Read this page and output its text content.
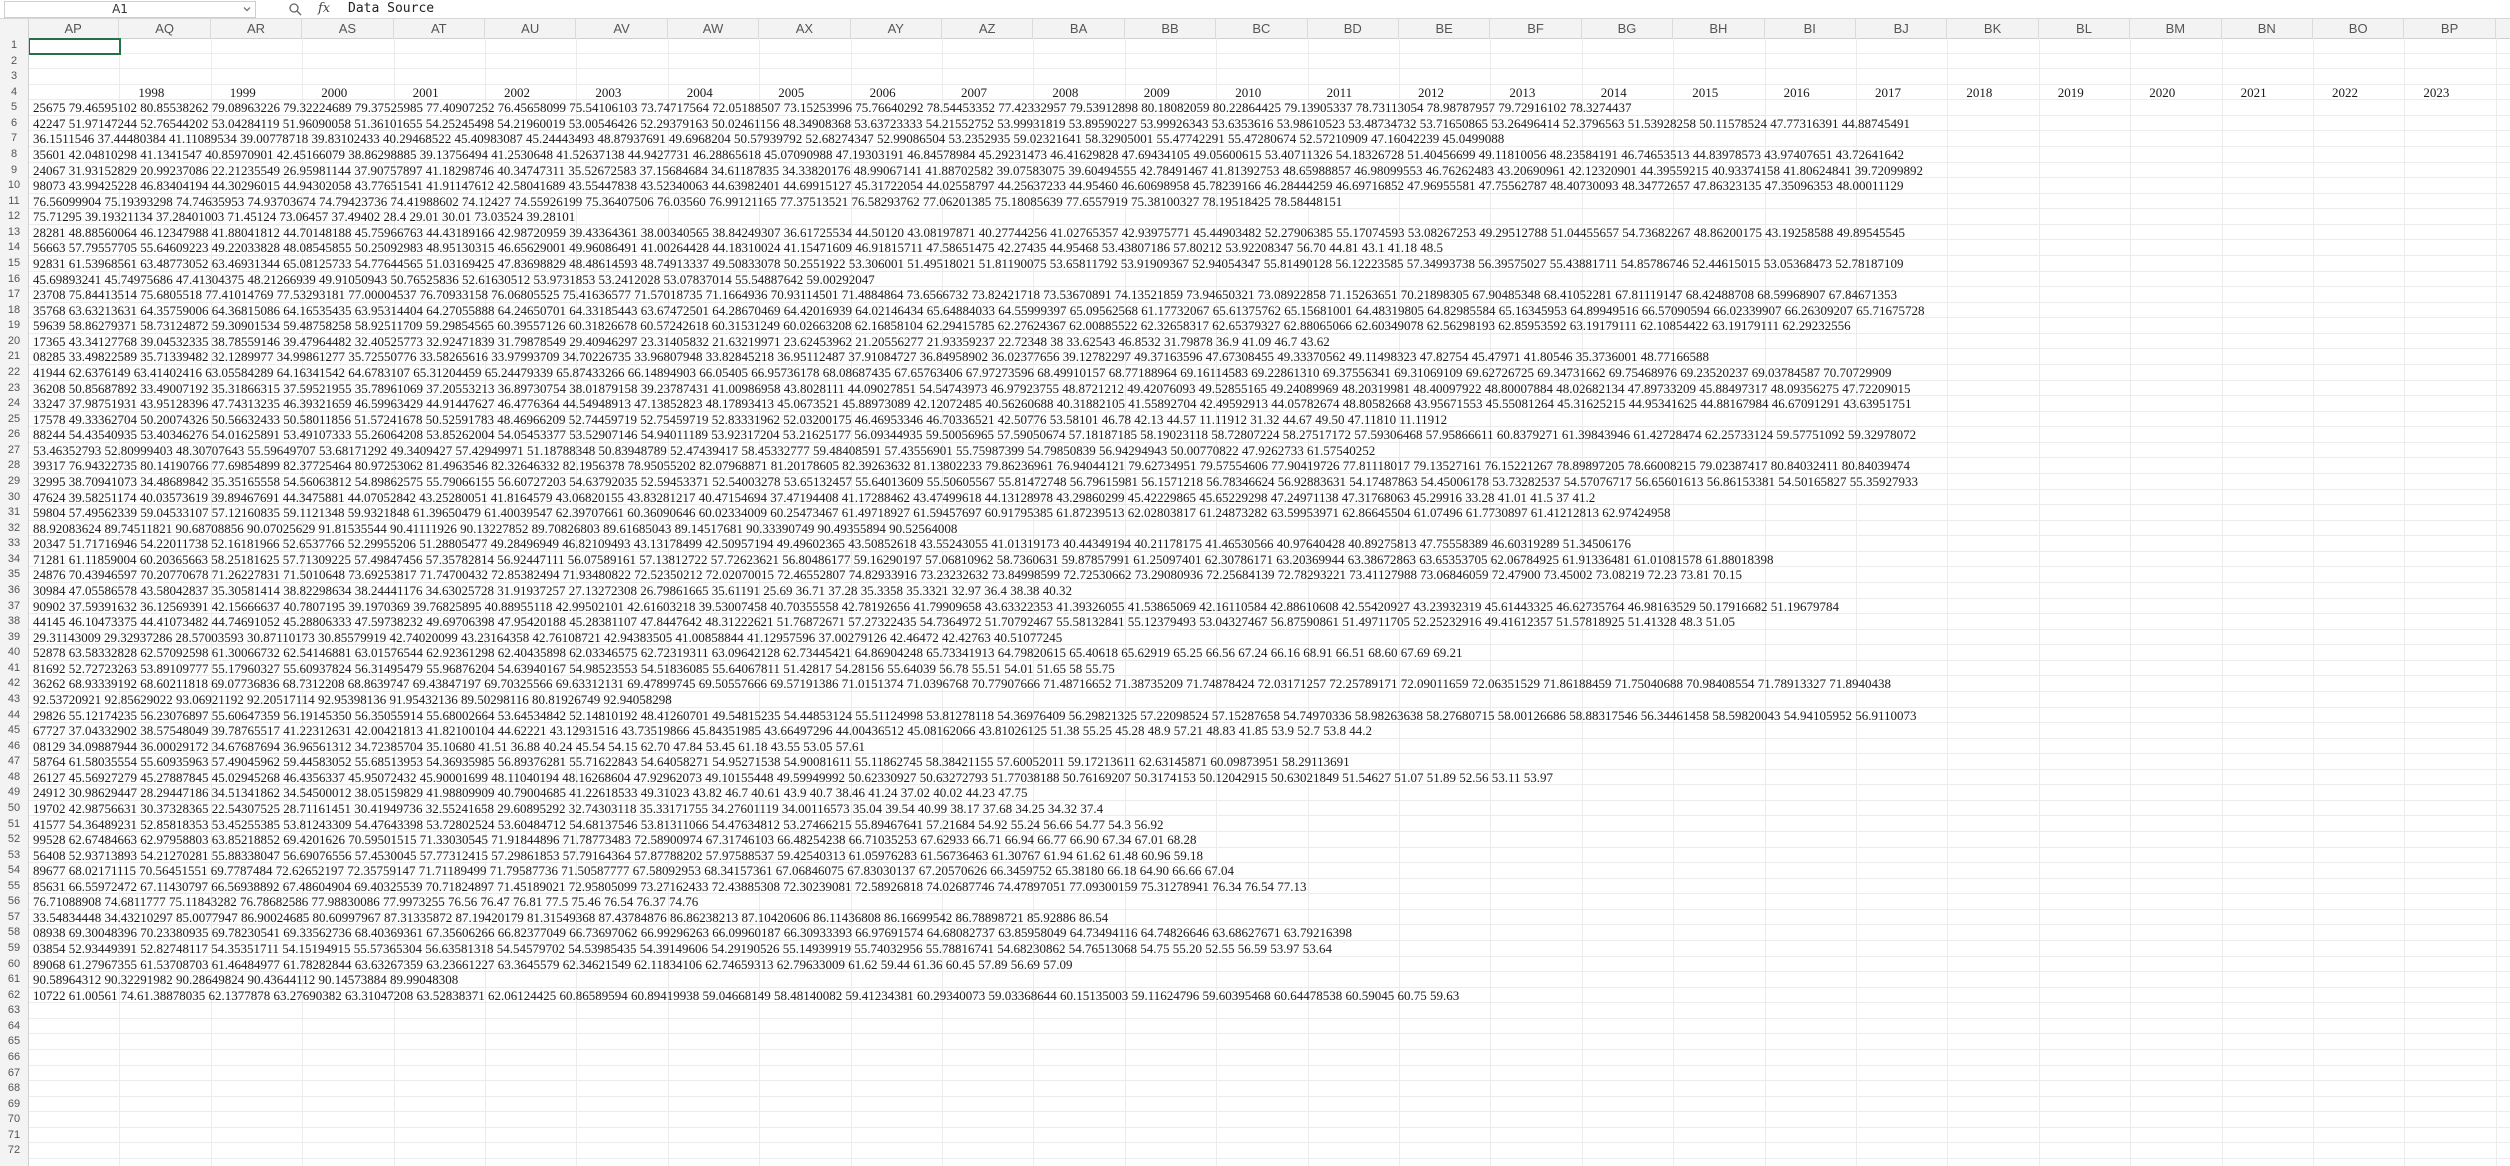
A1	fx Data Source
AP	AQ	AR	AS	AT	AU	AV	AW	AX	AY	AZ	BA	BB	BC	BD	BE	BF	BG	BH	BI	BJ	BK	BL	BM	BN	BO	BP
1
2
3
4
5
6
7
8
9
10
11
12
13
14
15
16
17
18
19
20
21
22
23
24
25
26
27
28
29
30
31
32
33
34
35
36
37
38
39
40
41
42
43
44
45
46
47
48
49
50
51
52
53
54
55
56
57
58
59
60
61
62
63
64
65
66
67
68
69
70
71
72
1998	1999	2000	2001	2002	2003	2004	2005	2006	2007	2008	2009	2010	2011	2012	2013	2014	2015	2016	2017	2018	2019	2020	2021	2022	2023
25675 79.46595102 80.85538262 79.08963226 79.32224689 79.37525985 77.40907252 76.45658099 75.54106103 73.74717564 72.05188507 73.15253996 75.76640292 78.54453352 77.42332957 79.53912898 80.18082059 80.22864425 79.13905337 78.73113054 78.98787957 79.72916102 78.3274437
42247 51.97147244 52.76544202 53.04284119 51.96090058 51.36101655 54.25245498 54.21960019 53.00546426 52.29379163 50.02461156 48.34908368 53.63723333 54.21552752 53.99931819 53.89590227 53.99926343 53.6353616 53.98610523 53.48734732 53.71650865 53.26496414 52.3796563 51.53928258 50.11578524 47.77316391 44.88745491
36.1511546 37.44480384 41.11089534 39.00778718 39.83102433 40.29468522 45.40983087 45.24443493 48.87937691 49.6968204 50.57939792 52.68274347 52.99086504 53.2352935 59.02321641 58.32905001 55.47742291 55.47280674 52.57210909 47.16042239 45.0499088
35601 42.04810298 41.1341547 40.85970901 42.45166079 38.86298885 39.13756494 41.2530648 41.52637138 44.9427731 46.28865618 45.07090988 47.19303191 46.84578984 45.29231473 46.41629828 47.69434105 49.05600615 53.40711326 54.18326728 51.40456699 49.11810056 48.23584191 46.74653513 44.83978573 43.97407651 43.72641642
24067 31.93152829 20.99237086 22.21235549 26.95981144 37.90757897 41.18298746 40.34747311 35.52672583 37.15684684 34.61187835 34.33820176 48.99067141 41.88702582 39.07583075 39.60494555 42.78491467 41.81392753 48.65988857 46.98099553 46.76262483 43.20690961 42.12320901 44.39559215 40.93374158 41.80624841 39.72099892
98073 43.99425228 46.83404194 44.30296015 44.94302058 43.77651541 41.91147612 42.58041689 43.55447838 43.52340063 44.63982401 44.69915127 45.31722054 44.02558797 44.25637233 44.95460 46.60698958 45.78239166 46.28444259 46.69716852 47.96955581 47.75562787 48.40730093 48.34772657 47.86323135 47.35096353 48.00011129
76.56099904 75.19393298 74.74635953 74.93703674 74.79423736 74.41988602 74.12427 74.55926199 75.36407506 76.03560 76.99121165 77.37513521 76.58293762 77.06201385 75.18085639 77.6557919 75.38100327 78.19518425 78.58448151
75.71295 39.19321134 37.28401003 71.45124 73.06457 37.49402 28.4 29.01 30.01 73.03524 39.28101
28281 48.88560064 46.12347988 41.88041812 44.70148188 45.75966763 44.43189166 42.98720959 39.43364361 38.00340565 38.84249307 36.61725534 44.50120 43.08197871 40.27744256 41.02765357 42.93975771 45.44903482 52.27906385 55.17074593 53.08267253 49.29512788 51.04455657 54.73682267 48.86200175 43.19258588 49.89545545
56663 57.79557705 55.64609223 49.22033828 48.08545855 50.25092983 48.95130315 46.65629001 49.96086491 41.00264428 44.18310024 41.15471609 46.91815711 47.58651475 42.27435 44.95468 53.43807186 57.80212 53.92208347 56.70 44.81 43.1 41.18 48.5
92831 61.53968561 63.48773052 63.46931344 65.08125733 54.77644565 51.03169425 47.83698829 48.48614593 48.74913337 49.50833078 50.2551922 53.306001 51.49518021 51.81190075 53.65811792 53.91909367 52.94054347 55.81490128 56.12223585 57.34993738 56.39575027 55.43881711 54.85786746 52.44615015 53.05368473 52.78187109
45.69893241 45.74975686 47.41304375 48.21266939 49.91050943 50.76525836 52.61630512 53.9731853 53.2412028 53.07837014 55.54887642 59.00292047
23708 75.84413514 75.6805518 77.41014769 77.53293181 77.00004537 76.70933158 76.06805525 75.41636577 71.57018735 71.1664936 70.93114501 71.4884864 73.6566732 73.82421718 73.53670891 74.13521859 73.94650321 73.08922858 71.15263651 70.21898305 67.90485348 68.41052281 67.81119147 68.42488708 68.59968907 67.84671353
35768 63.63213631 64.35759006 64.36815086 64.16535435 63.95314404 64.27055888 64.24650701 64.33185443 63.67472501 64.28670469 64.42016939 64.02146434 65.64884033 64.55999397 65.09562568 61.17732067 65.61375762 65.15681001 64.48319805 64.82985584 65.16345953 64.89949516 66.57090594 66.02339907 66.26309207 65.71675728
59639 58.86279371 58.73124872 59.30901534 59.48758258 58.92511709 59.29854565 60.39557126 60.31826678 60.57242618 60.31531249 60.02663208 62.16858104 62.29415785 62.27624367 62.00885522 62.32658317 62.65379327 62.88065066 62.60349078 62.56298193 62.85953592 63.19179111 62.10854422 63.19179111 62.29232556
17365 43.34127768 39.04532335 38.78559146 39.47964482 32.40525773 32.92471839 31.79878549 29.40946297 23.31405832 21.63219971 23.62453962 21.20556277 21.93359237 22.72348 38 33.62543 46.8532 31.79878 36.9 41.09 46.7 43.62
08285 33.49822589 35.71339482 32.1289977 34.99861277 35.72550776 33.58265616 33.97993709 34.70226735 33.96807948 33.82845218 36.95112487 37.91084727 36.84958902 36.02377656 39.12782297 49.37163596 47.67308455 49.33370562 49.11498323 47.82754 45.47971 41.80546 35.3736001 48.77166588
41944 62.6376149 63.41402416 63.05584289 64.16341542 64.6783107 65.31204459 65.24479339 65.87433266 66.14894903 66.05405 66.95736178 68.08687435 67.65763406 67.97273596 68.49910157 68.77188964 69.16114583 69.22861310 69.37556341 69.31069109 69.62726725 69.34731662 69.75468976 69.23520237 69.03784587 70.70729909
36208 50.85687892 33.49007192 35.31866315 37.59521955 35.78961069 37.20553213 36.89730754 38.01879158 39.23787431 41.00986958 43.8028111 44.09027851 54.54743973 46.97923755 48.8721212 49.42076093 49.52855165 49.24089969 48.20319981 48.40097922 48.80007884 48.02682134 47.89733209 45.88497317 48.09356275 47.72209015
33247 37.98751931 43.95128396 47.74313235 46.39321659 46.59963429 44.91447627 46.4776364 44.54948913 47.13852823 48.17893413 45.0673521 45.88973089 42.12072485 40.56260688 40.31882105 41.55892704 42.49592913 44.05782674 48.80582668 43.95671553 45.55081264 45.31625215 44.95341625 44.88167984 46.67091291 43.63951751
17578 49.33362704 50.20074326 50.56632433 50.58011856 51.57241678 50.52591783 48.46966209 52.74459719 52.75459719 52.83331962 52.03200175 46.46953346 46.70336521 42.50776 53.58101 46.78 42.13 44.57 11.11912 31.32 44.67 49.50 47.11810 11.11912
88244 54.43540935 53.40346276 54.01625891 53.49107333 55.26064208 53.85262004 54.05453377 53.52907146 54.94011189 53.92317204 53.21625177 56.09344935 59.50056965 57.59050674 57.18187185 58.19023118 58.72807224 58.27517172 57.59306468 57.95866611 60.8379271 61.39843946 61.42728474 62.25733124 59.57751092 59.32978072
53.46352793 52.80999403 48.30707643 55.59649707 53.68171292 49.3409427 57.42949971 51.18788348 50.83948789 52.47439417 58.45332777 59.48408591 57.43556901 55.75987399 54.79850839 56.94294943 50.00770822 47.9262733 61.57540252
39317 76.94322735 80.14190766 77.69854899 82.37725464 80.97253062 81.4963546 82.32646332 82.1956378 78.95055202 82.07968871 81.20178605 82.39263632 81.13802233 79.86236961 76.94044121 79.62734951 79.57554606 77.90419726 77.81118017 79.13527161 76.15221267 78.89897205 78.66008215 79.02387417 80.84032411 80.84039474
32995 38.70941073 34.48689842 35.35165558 54.56063812 54.89862575 55.79066155 56.60727203 54.63792035 52.59453371 52.54003278 53.65132457 55.64013609 55.50605567 55.81472748 56.79615981 56.1571218 56.78346624 56.92883631 54.17487863 54.45006178 53.73282537 54.57076717 56.65601613 56.86153381 54.50165827 55.35927933
47624 39.58251174 40.03573619 39.89467691 44.3475881 44.07052842 43.25280051 41.8164579 43.06820155 43.83281217 40.47154694 37.47194408 41.17288462 43.47499618 44.13128978 43.29860299 45.42229865 45.65229298 47.24971138 47.31768063 45.29916 33.28 41.01 41.5 37 41.2
59804 57.49562339 59.04533107 57.12160835 59.1121348 59.9321848 61.39650479 61.40039547 62.39707661 60.36090646 60.02334009 60.25473467 61.49718927 61.59457697 60.91795385 61.87239513 62.02803817 61.24873282 63.59953971 62.86645504 61.07496 61.7730897 61.41212813 62.97424958
88.92083624 89.74511821 90.68708856 90.07025629 91.81535544 90.41111926 90.13227852 89.70826803 89.61685043 89.14517681 90.33390749 90.49355894 90.52564008
20347 51.71716946 54.22011738 52.16181966 52.6537766 52.29955206 51.28805477 49.28496949 46.82109493 43.13178499 42.50957194 49.49602365 43.50852618 43.55243055 41.01319173 40.44349194 40.21178175 41.46530566 40.97640428 40.89275813 47.75558389 46.60319289 51.34506176
71281 61.11859004 60.20365663 58.25181625 57.71309225 57.49847456 57.35782814 56.92447111 56.07589161 57.13812722 57.72623621 56.80486177 59.16290197 57.06810962 58.7360631 59.87857991 61.25097401 62.30786171 63.20369944 63.38672863 63.65353705 62.06784925 61.91336481 61.01081578 61.88018398
24876 70.43946597 70.20770678 71.26227831 71.5010648 73.69253817 71.74700432 72.85382494 71.93480822 72.52350212 72.02070015 72.46552807 74.82933916 73.23232632 73.84998599 72.72530662 73.29080936 72.25684139 72.78293221 73.41127988 73.06846059 72.47900 73.45002 73.08219 72.23 73.81 70.15
30984 47.05586578 43.58042837 35.30581414 38.82298634 38.24441176 34.63025728 31.91937257 27.13272308 26.79861665 35.61191 25.69 36.71 37.28 35.3358 35.3321 32.97 36.4 38.38 40.32
90902 37.59391632 36.12569391 42.15666637 40.7807195 39.1970369 39.76825895 40.88955118 42.99502101 42.61603218 39.53007458 40.70355558 42.78192656 41.79909658 43.63322353 41.39326055 41.53865069 42.16110584 42.88610608 42.55420927 43.23932319 45.61443325 46.62735764 46.98163529 50.17916682 51.19679784
44145 46.10473375 44.41073482 44.74691052 45.28806333 47.59738232 49.69706398 47.95420188 45.28381107 47.8447642 48.31222621 51.76872671 57.27322435 54.7364972 51.70792467 55.58132841 55.12379493 53.04327467 56.87590861 51.49711705 52.25232916 49.41612357 51.57818925 51.41328 48.3 51.05
29.31143009 29.32937286 28.57003593 30.87110173 30.85579919 42.74020099 43.23164358 42.76108721 42.94383505 41.00858844 41.12957596 37.00279126 42.46472 42.42763 40.51077245
52878 63.58332828 62.57092598 61.30066732 62.54146881 63.01576544 62.92361298 62.40435898 62.03346575 62.72319311 63.09642128 62.73445421 64.86904248 65.73341913 64.79820615 65.40618 65.62919 65.25 66.56 67.24 66.16 68.91 66.51 68.60 67.69 69.21
81692 52.72723263 53.89109777 55.17960327 55.60937824 56.31495479 55.96876204 54.63940167 54.98523553 54.51836085 55.64067811 51.42817 54.28156 55.64039 56.78 55.51 54.01 51.65 58 55.75
36262 68.93339192 68.60211818 69.07736836 68.7312208 68.8639747 69.43847197 69.70325566 69.63312131 69.47899745 69.50557666 69.57191386 71.0151374 71.0396768 70.77907666 71.48716652 71.38735209 71.74878424 72.03171257 72.25789171 72.09011659 72.06351529 71.86188459 71.75040688 70.98408554 71.78913327 71.8940438
92.53720921 92.85629022 93.06921192 92.20517114 92.95398136 91.95432136 89.50298116 80.81926749 92.94058298
29826 55.12174235 56.23076897 55.60647359 56.19145350 56.35055914 55.68002664 53.64534842 52.14810192 48.41260701 49.54815235 54.44853124 55.51124998 53.81278118 54.36976409 56.29821325 57.22098524 57.15287658 54.74970336 58.98263638 58.27680715 58.00126686 58.88317546 56.34461458 58.59820043 54.94105952 56.9110073
67727 37.04332902 38.57548049 39.78765517 41.22312631 42.00421813 41.82100104 44.62221 43.12931516 43.73519866 45.84351985 43.66497296 44.00436512 45.08162066 43.81026125 51.38 55.25 45.28 48.9 57.21 48.83 41.85 53.9 52.7 53.8 44.2
08129 34.09887944 36.00029172 34.67687694 36.96561312 34.72385704 35.10680 41.51 36.88 40.24 45.54 54.15 62.70 47.84 53.45 61.18 43.55 53.05 57.61
58764 61.58035554 55.60935963 57.49045962 59.44583052 55.68513953 54.36935985 56.89376281 55.71622843 54.64058271 54.95271538 54.90081611 55.11862745 58.38421155 57.60052011 59.17213611 62.63145871 60.09873951 58.29113691
26127 45.56927279 45.27887845 45.02945268 46.4356337 45.95072432 45.90001699 48.11040194 48.16268604 47.92962073 49.10155448 49.59949992 50.62330927 50.63272793 51.77038188 50.76169207 50.3174153 50.12042915 50.63021849 51.54627 51.07 51.89 52.56 53.11 53.97
24912 30.98629447 28.29447186 34.51341862 34.54500012 38.05159829 41.98809909 40.79004685 41.22618533 49.31023 43.82 46.7 40.61 43.9 40.7 38.46 41.24 37.02 40.02 44.23 47.75
19702 42.98756631 30.37328365 22.54307525 28.71161451 30.41949736 32.55241658 29.60895292 32.74303118 35.33171755 34.27601119 34.00116573 35.04 39.54 40.99 38.17 37.68 34.25 34.32 37.4
41577 54.36489231 52.85818353 53.45255385 53.81243309 54.47643398 53.72802524 53.60484712 54.68137546 53.81311066 54.47634812 53.27466215 55.89467641 57.21684 54.92 55.24 56.66 54.77 54.3 56.92
99528 62.67484663 62.97958803 63.85218852 69.4201626 70.59501515 71.33030545 71.91844896 71.78773483 72.58900974 67.31746103 66.48254238 66.71035253 67.62933 66.71 66.94 66.77 66.90 67.34 67.01 68.28
56408 52.93713893 54.21270281 55.88338047 56.69076556 57.4530045 57.77312415 57.29861853 57.79164364 57.87788202 57.97588537 59.42540313 61.05976283 61.56736463 61.30767 61.94 61.62 61.48 60.96 59.18
89677 68.02171115 70.56451551 69.7787484 72.62652197 72.35759147 71.71189499 71.79587736 71.50587777 67.58092953 68.34157361 67.06846075 67.83030137 67.20570626 66.3459752 65.38180 66.18 64.90 66.66 67.04
85631 66.55972472 67.11430797 66.56938892 67.48604904 69.40325539 70.71824897 71.45189021 72.95805099 73.27162433 72.43885308 72.30239081 72.58926818 74.02687746 74.47897051 77.09300159 75.31278941 76.34 76.54 77.13
76.71088908 74.6811777 75.11843282 76.78682586 77.98830086 77.9973255 76.56 76.47 76.81 77.5 75.46 76.54 76.37 74.76
33.54834448 34.43210297 85.0077947 86.90024685 80.60997967 87.31335872 87.19420179 81.31549368 87.43784876 86.86238213 87.10420606 86.11436808 86.16699542 86.78898721 85.92886 86.54
08938 69.30048396 70.23380935 69.78230541 69.33562736 68.40369361 67.35606266 66.82377049 66.73697062 66.99296263 66.09960187 66.30933393 66.97691574 64.68082737 63.85958049 64.73494116 64.74826646 63.68627671 63.79216398
03854 52.93449391 52.82748117 54.35351711 54.15194915 55.57365304 56.63581318 54.54579702 54.53985435 54.39149606 54.29190526 55.14939919 55.74032956 55.78816741 54.68230862 54.76513068 54.75 55.20 52.55 56.59 53.97 53.64
89068 61.27967355 61.53708703 61.46484977 61.78282844 63.63267359 63.23661227 63.3645579 62.34621549 62.11834106 62.74659313 62.79633009 61.62 59.44 61.36 60.45 57.89 56.69 57.09
90.58964312 90.32291982 90.28649824 90.43644112 90.14573884 89.99048308
10722 61.00561 74.61.38878035 62.1377878 63.27690382 63.31047208 63.52838371 62.06124425 60.86589594 60.89419938 59.04668149 58.48140082 59.41234381 60.29340073 59.03368644 60.15135003 59.11624796 59.60395468 60.64478538 60.59045 60.75 59.63
